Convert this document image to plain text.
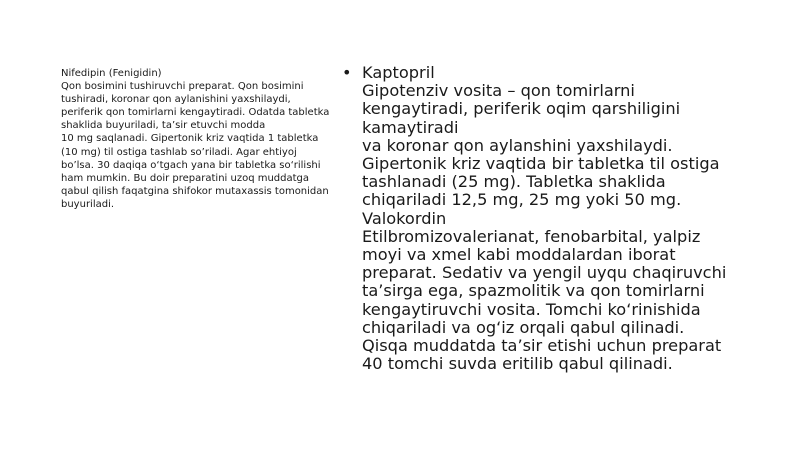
Nifedipin (Fenigidin)
Qon bosimini tushiruvchi preparat. Qon bosimini
tushiradi, koronar qon aylanishini yaxshilaydi,
periferik qon tomirlarni kengaytiradi. Odatda tabletka
shaklida buyuriladi, ta’sir etuvchi modda
10 mg saqlanadi. Gipertonik kriz vaqtida 1 tabletka
(10 mg) til ostiga tashlab so’riladi. Agar ehtiyoj
bo’lsa. 30 daqiqa o‘tgach yana bir tabletka so‘rilishi
ham mumkin. Bu doir preparatini uzoq muddatga
qabul qilish faqatgina shifokor mutaxassis tomonidan
buyuriladi.
• Kaptopril
Gipotenziv vosita – qon tomirlarni
kengaytiradi, periferik oqim qarshiligini
kamaytiradi
va koronar qon aylanshini yaxshilaydi.
Gipertonik kriz vaqtida bir tabletka til ostiga
tashlanadi (25 mg). Tabletka shaklida
chiqariladi 12,5 mg, 25 mg yoki 50 mg.
Valokordin
Etilbromizovalerianat, fenobarbital, yalpiz
moyi va xmel kabi moddalardan iborat
preparat. Sedativ va yengil uyqu chaqiruvchi
ta’sirga ega, spazmolitik va qon tomirlarni
kengaytiruvchi vosita. Tomchi ko‘rinishida
chiqariladi va og‘iz orqali qabul qilinadi.
Qisqa muddatda ta’sir etishi uchun preparat
40 tomchi suvda eritilib qabul qilinadi.
